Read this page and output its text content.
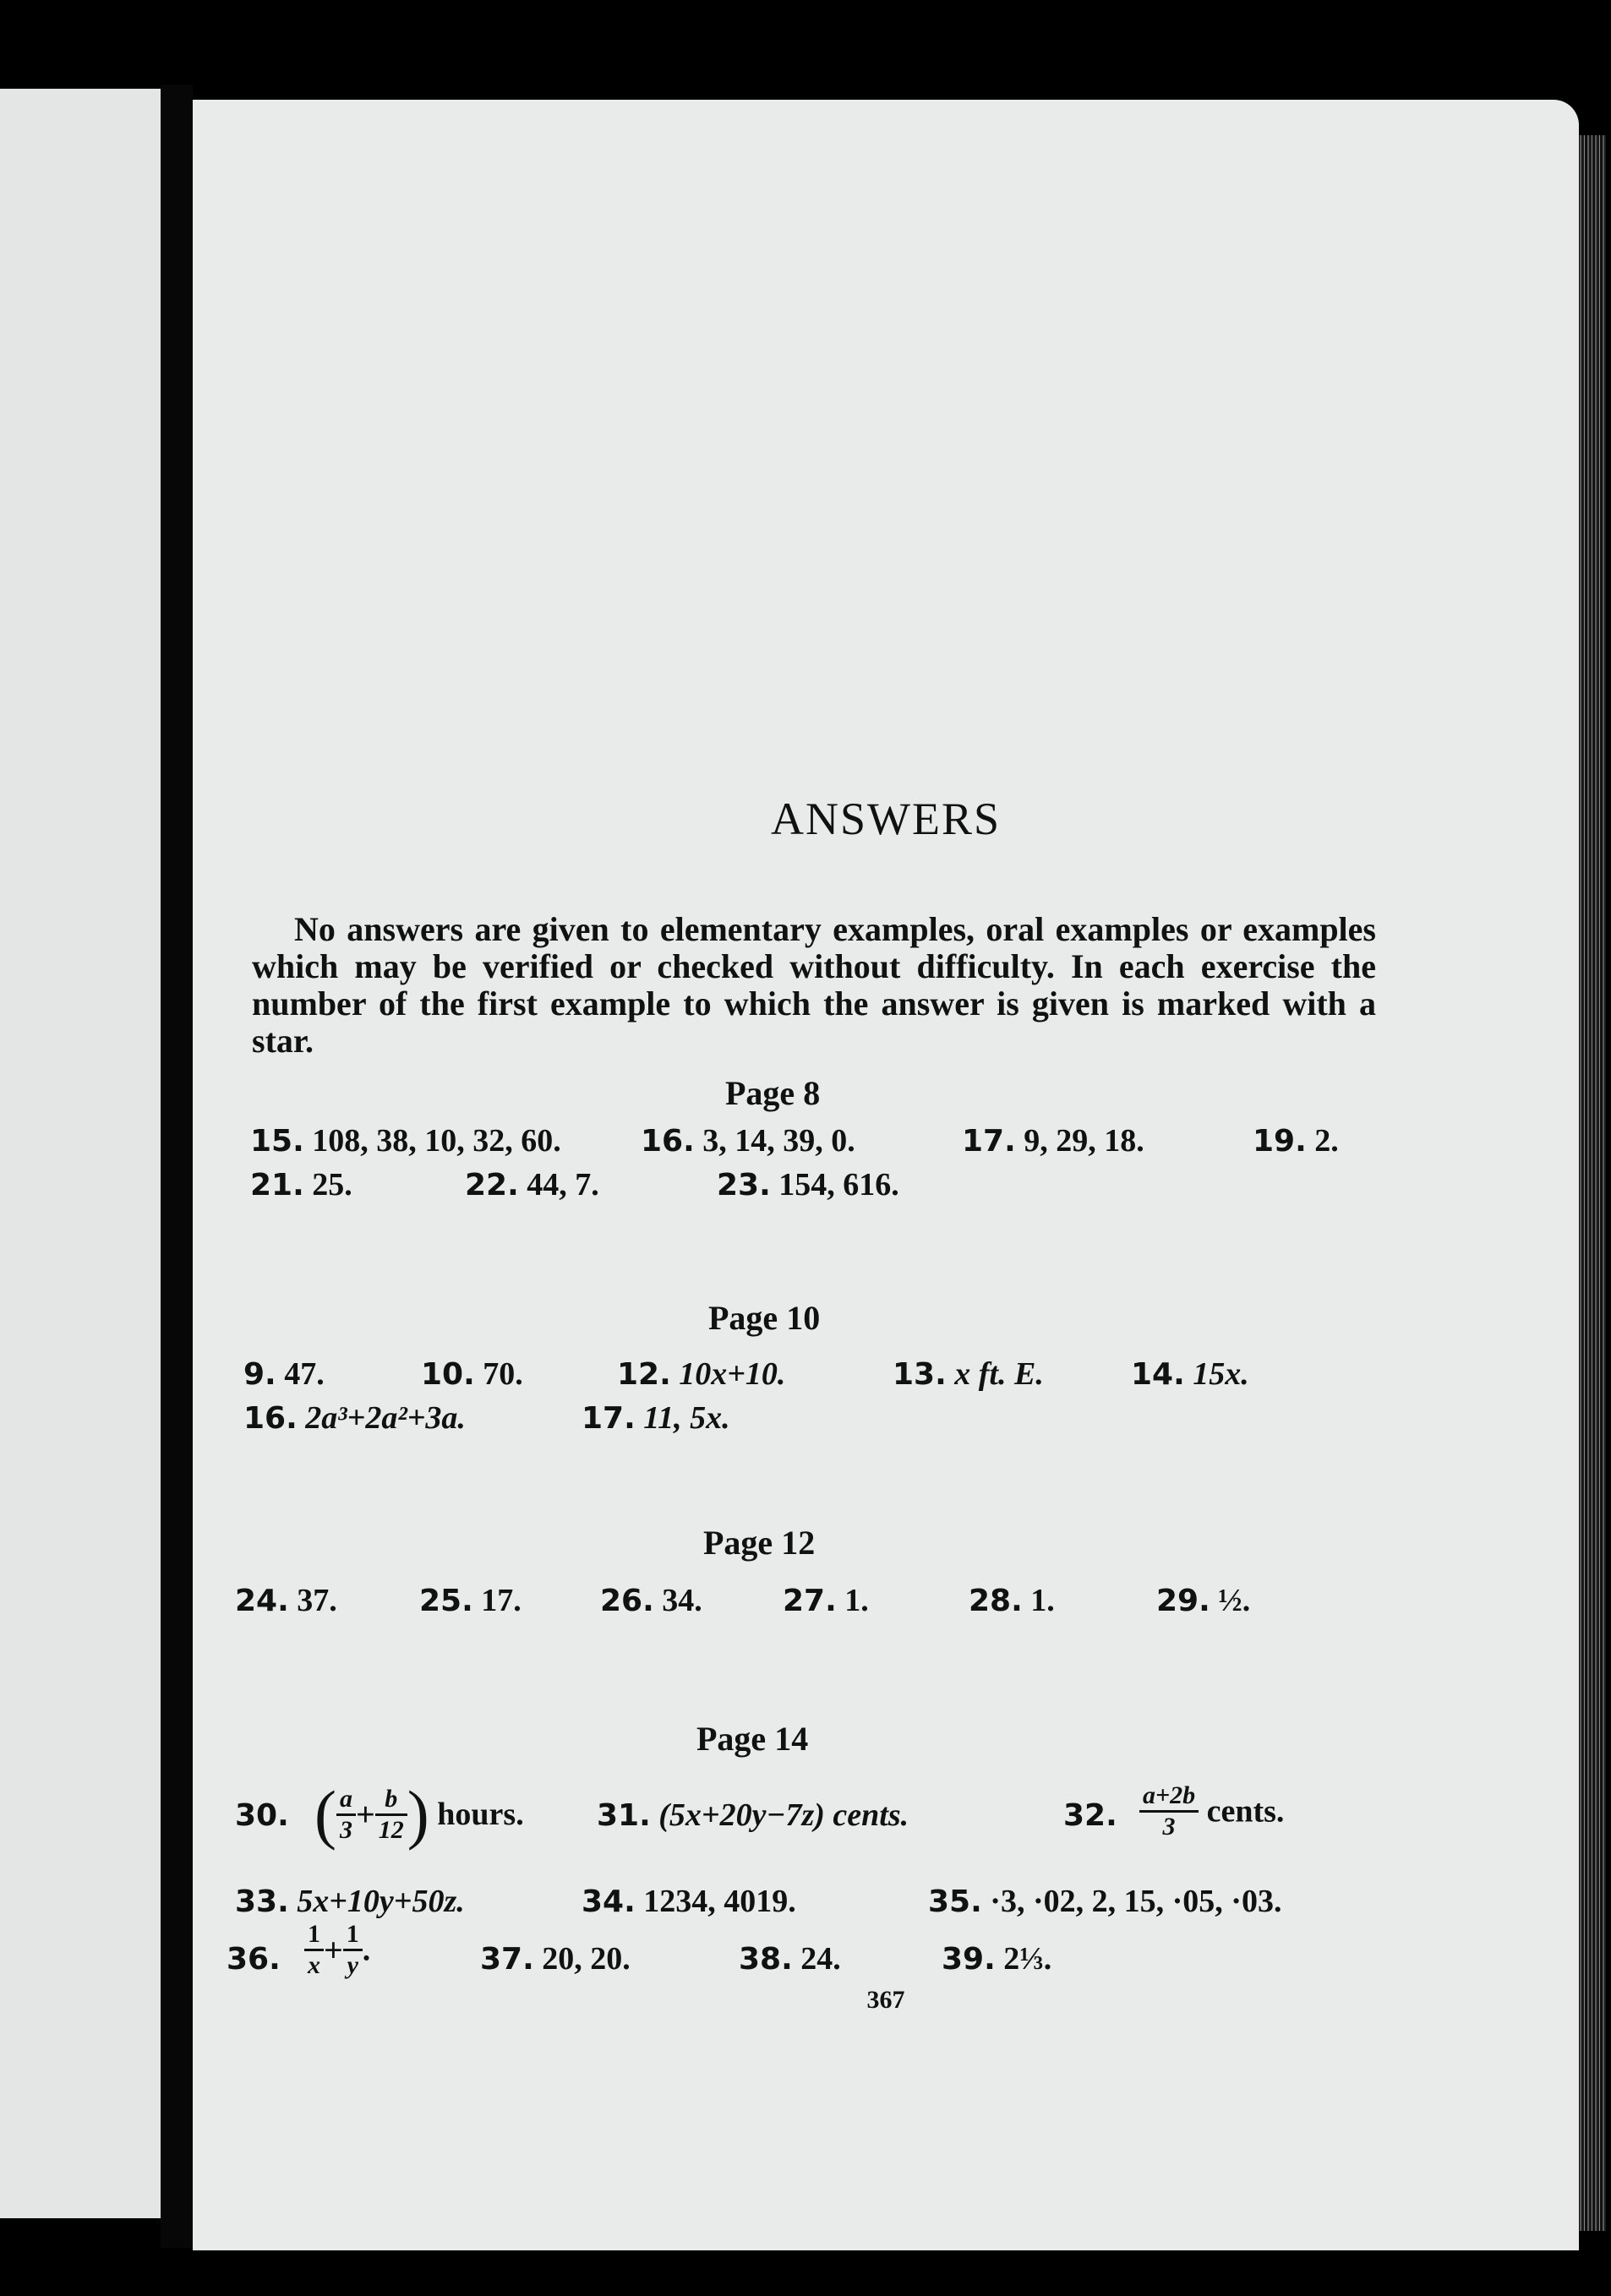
ANSWERS
No answers are given to elementary examples, oral examples or examples which may be verified or checked without difficulty. In each exercise the number of the first example to which the answer is given is marked with a star.
Page 8
15. 108, 38, 10, 32, 60.	16. 3, 14, 39, 0.	17. 9, 29, 18.	19. 2.
21. 25.	22. 44, 7.	23. 154, 616.
Page 10
9. 47.	10. 70.	12. 10x+10.	13. x ft. E.	14. 15x.
16. 2a³+2a²+3a.	17. 11, 5x.
Page 12
24. 37.	25. 17.	26. 34.	27. 1.	28. 1.	29. ½.
Page 14
30. ( $\frac{a}{3} + \frac{b}{12}$ ) hours. 31. (5x+20y−7z) cents.	32. $\frac{a+2b}{3}$ cents.
33. 5x+10y+50z.	34. 1234, 4019.	35. ·3, ·02, 2, 15, ·05, ·03.
36. $\frac{1}{x} + \frac{1}{y}$ .	37. 20, 20.	38. 24.	39. 2⅓.
367
